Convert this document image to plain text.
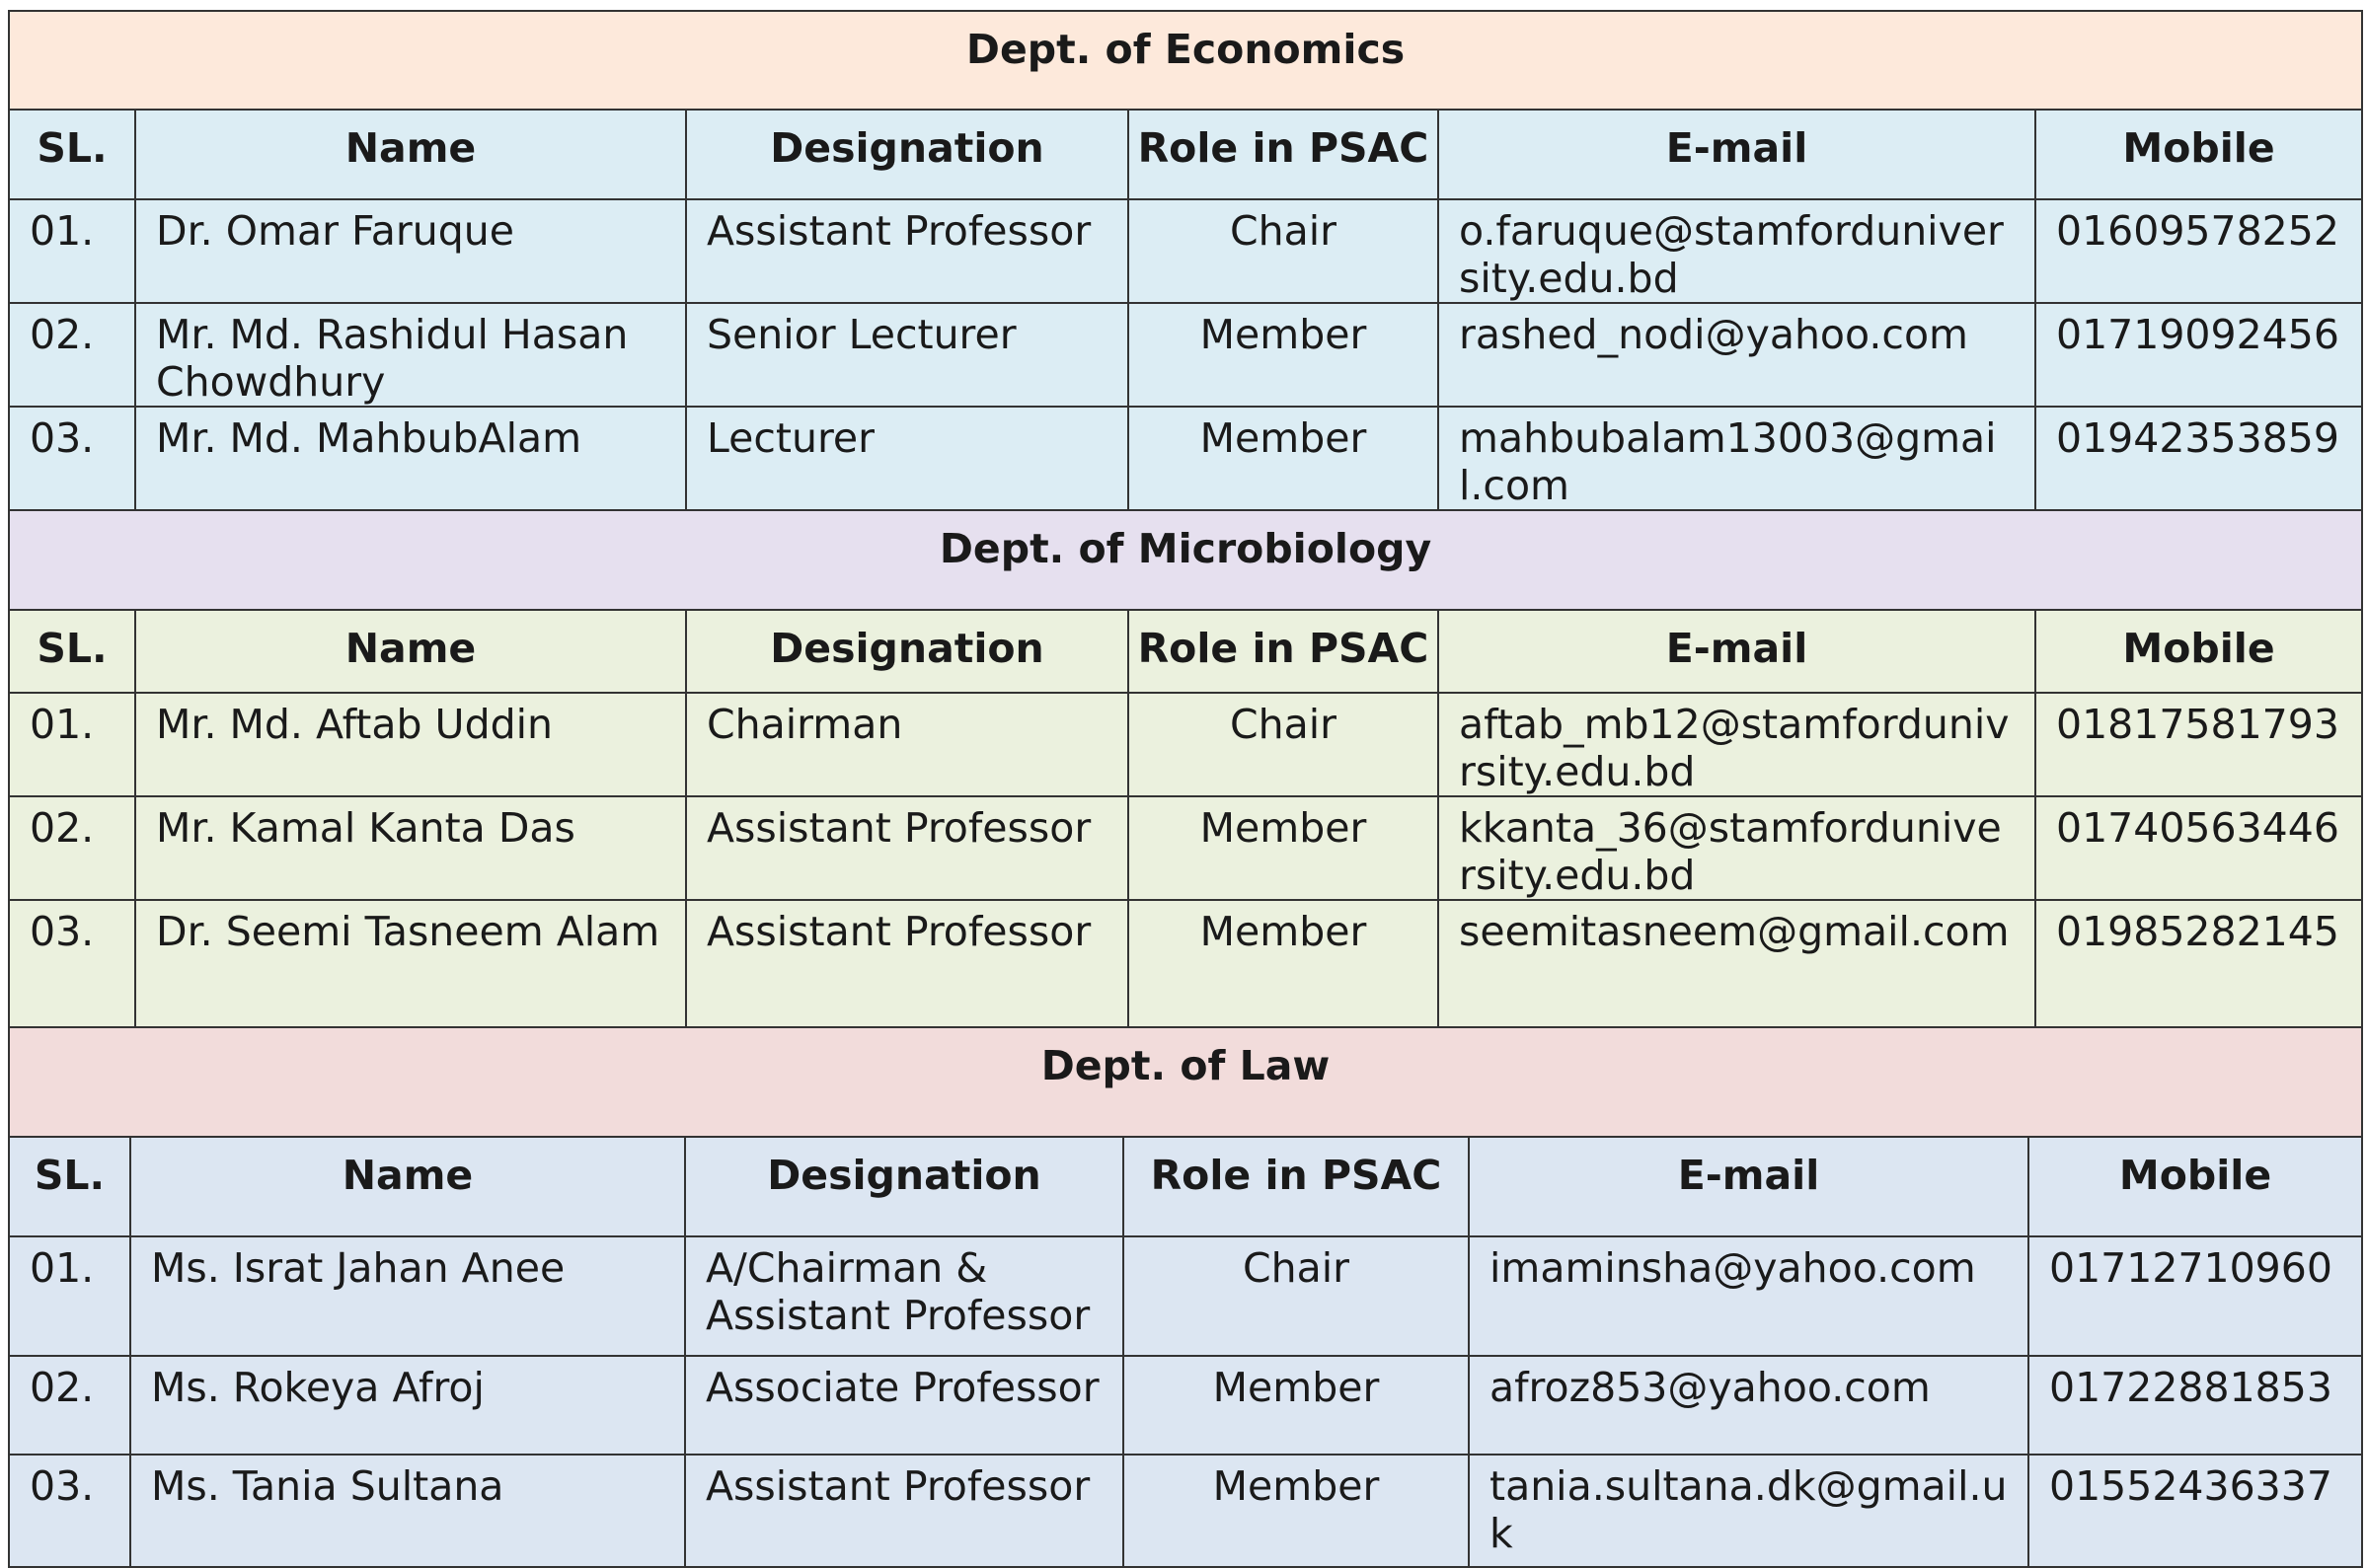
Dept. of Economics					
SL.	Name	Designation	Role in PSAC	E-mail	Mobile
01.	Dr. Omar Faruque	Assistant Professor	Chair	o.faruque@stamforduniversity.edu.bd	01609578252
02.	Mr. Md. Rashidul Hasan Chowdhury	Senior Lecturer	Member	rashed_nodi@yahoo.com	01719092456
03.	Mr. Md. MahbubAlam	Lecturer	Member	mahbubalam13003@gmail.com	01942353859
Dept. of Microbiology					
SL.	Name	Designation	Role in PSAC	E-mail	Mobile
01.	Mr. Md. Aftab Uddin	Chairman	Chair	aftab_mb12@stamfordunivrsity.edu.bd	01817581793
02.	Mr. Kamal Kanta Das	Assistant Professor	Member	kkanta_36@stamforduniversity.edu.bd	01740563446
03.	Dr. Seemi Tasneem Alam	Assistant Professor	Member	seemitasneem@gmail.com	01985282145
Dept. of Law					
SL.	Name	Designation	Role in PSAC	E-mail	Mobile
01.	Ms. Israt Jahan Anee	A/Chairman & Assistant Professor	Chair	imaminsha@yahoo.com	01712710960
02.	Ms. Rokeya Afroj	Associate Professor	Member	afroz853@yahoo.com	01722881853
03.	Ms. Tania Sultana	Assistant Professor	Member	tania.sultana.dk@gmail.uk	01552436337
